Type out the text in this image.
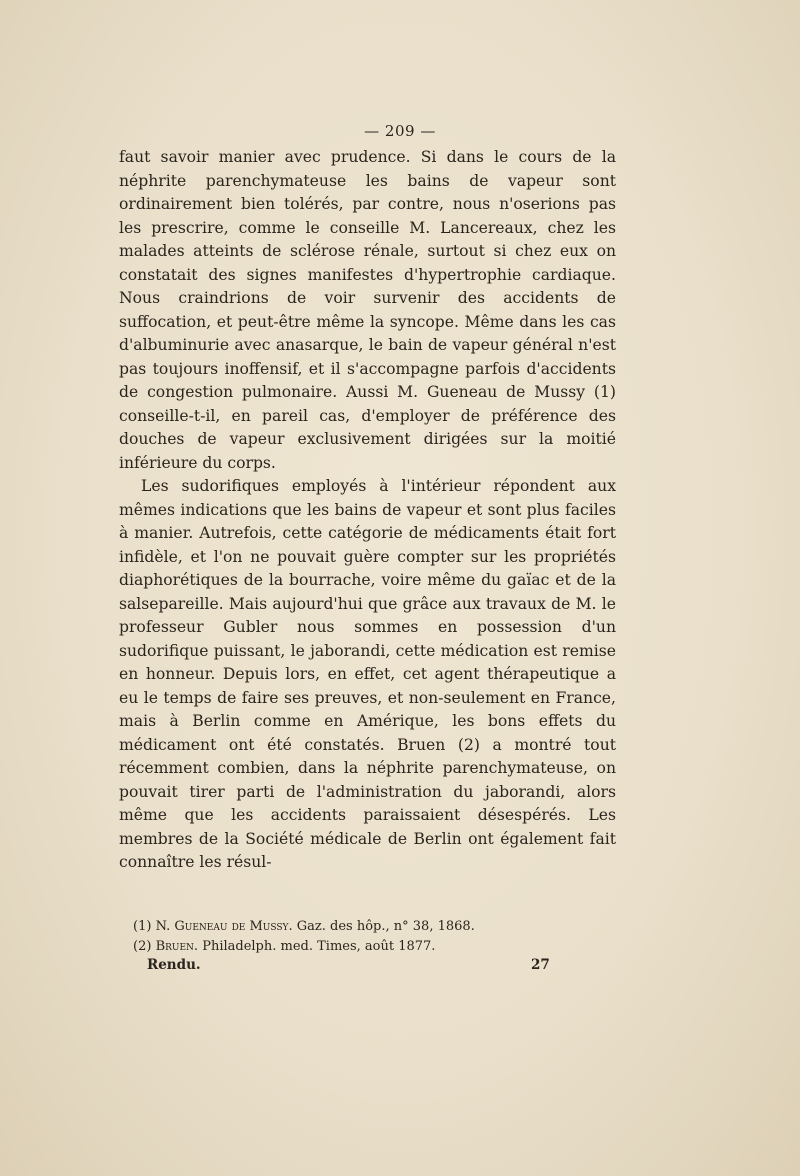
— 209 —

faut savoir manier avec prudence. Si dans le cours de la néphrite parenchymateuse les bains de vapeur sont ordinairement bien tolérés, par contre, nous n'oserions pas les prescrire, comme le conseille M. Lancereaux, chez les malades atteints de sclérose rénale, surtout si chez eux on constatait des signes manifestes d'hypertrophie cardiaque. Nous craindrions de voir survenir des accidents de suffocation, et peut-être même la syncope. Même dans les cas d'albuminurie avec anasarque, le bain de vapeur général n'est pas toujours inoffensif, et il s'accompagne parfois d'accidents de congestion pulmonaire. Aussi M. Gueneau de Mussy (1) conseille-t-il, en pareil cas, d'employer de préférence des douches de vapeur exclusivement dirigées sur la moitié inférieure du corps.

Les sudorifiques employés à l'intérieur répondent aux mêmes indications que les bains de vapeur et sont plus faciles à manier. Autrefois, cette catégorie de médicaments était fort infidèle, et l'on ne pouvait guère compter sur les propriétés diaphorétiques de la bourrache, voire même du gaïac et de la salsepareille. Mais aujourd'hui que grâce aux travaux de M. le professeur Gubler nous sommes en possession d'un sudorifique puissant, le jaborandi, cette médication est remise en honneur. Depuis lors, en effet, cet agent thérapeutique a eu le temps de faire ses preuves, et non-seulement en France, mais à Berlin comme en Amérique, les bons effets du médicament ont été constatés. Bruen (2) a montré tout récemment combien, dans la néphrite parenchymateuse, on pouvait tirer parti de l'administration du jaborandi, alors même que les accidents paraissaient désespérés. Les membres de la Société médicale de Berlin ont également fait connaître les résul-

(1) N. Gueneau de Mussy. Gaz. des hôp., n° 38, 1868.
(2) Bruen. Philadelph. med. Times, août 1877.
Rendu.	27
